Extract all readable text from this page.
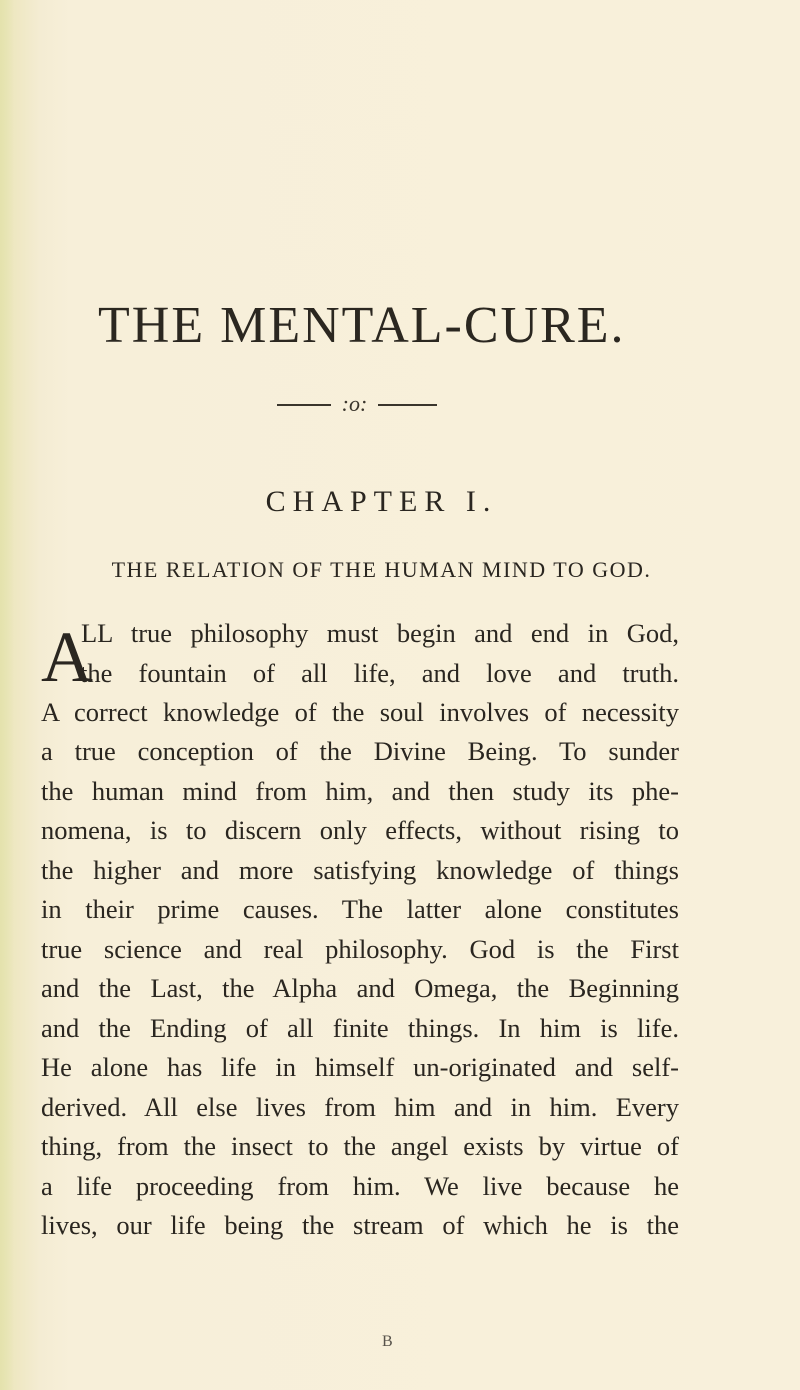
THE MENTAL-CURE.
:o:
CHAPTER I.
THE RELATION OF THE HUMAN MIND TO GOD.
A
LL true philosophy must begin and end in God,
the fountain of all life, and love and truth.
A correct knowledge of the soul involves of necessity
a true conception of the Divine Being. To sunder
the human mind from him, and then study its phe-
nomena, is to discern only effects, without rising to
the higher and more satisfying knowledge of things
in their prime causes. The latter alone constitutes
true science and real philosophy. God is the First
and the Last, the Alpha and Omega, the Beginning
and the Ending of all finite things. In him is life.
He alone has life in himself un-originated and self-
derived. All else lives from him and in him. Every
thing, from the insect to the angel exists by virtue of
a life proceeding from him. We live because he
lives, our life being the stream of which he is the
B
